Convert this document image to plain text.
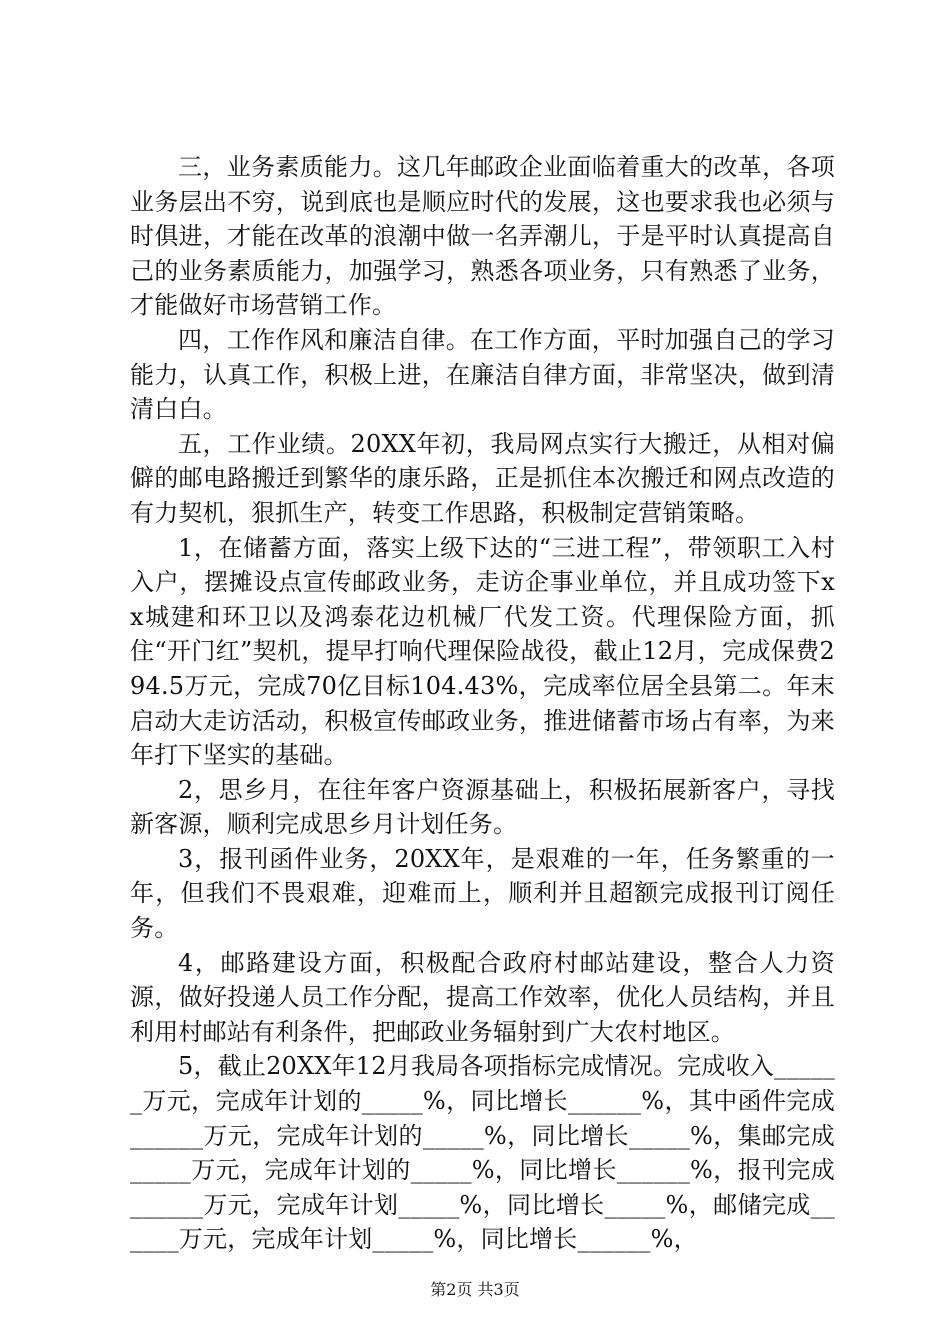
三，业务素质能力。这几年邮政企业面临着重大的改革，各项业务层出不穷，说到底也是顺应时代的发展，这也要求我也必须与时俱进，才能在改革的浪潮中做一名弄潮儿，于是平时认真提高自己的业务素质能力，加强学习，熟悉各项业务，只有熟悉了业务，才能做好市场营销工作。

四，工作作风和廉洁自律。在工作方面，平时加强自己的学习能力，认真工作，积极上进，在廉洁自律方面，非常坚决，做到清清白白。

五，工作业绩。20XX年初，我局网点实行大搬迁，从相对偏僻的邮电路搬迁到繁华的康乐路，正是抓住本次搬迁和网点改造的有力契机，狠抓生产，转变工作思路，积极制定营销策略。

1，在储蓄方面，落实上级下达的“三进工程”，带领职工入村入户，摆摊设点宣传邮政业务，走访企事业单位，并且成功签下xx城建和环卫以及鸿泰花边机械厂代发工资。代理保险方面，抓住“开门红”契机，提早打响代理保险战役，截止12月，完成保费294.5万元，完成70亿目标104.43%，完成率位居全县第二。年末启动大走访活动，积极宣传邮政业务，推进储蓄市场占有率，为来年打下坚实的基础。

2，思乡月，在往年客户资源基础上，积极拓展新客户，寻找新客源，顺利完成思乡月计划任务。

3，报刊函件业务，20XX年，是艰难的一年，任务繁重的一年，但我们不畏艰难，迎难而上，顺利并且超额完成报刊订阅任务。

4，邮路建设方面，积极配合政府村邮站建设，整合人力资源，做好投递人员工作分配，提高工作效率，优化人员结构，并且利用村邮站有利条件，把邮政业务辐射到广大农村地区。

5，截止20XX年12月我局各项指标完成情况。完成收入______万元，完成年计划的_____%，同比增长______%，其中函件完成______万元，完成年计划的_____%，同比增长_____%，集邮完成_____万元，完成年计划的_____%，同比增长______%，报刊完成______万元，完成年计划_____%，同比增长_____%，邮储完成______万元，完成年计划_____%，同比增长______%，

第2页 共3页
